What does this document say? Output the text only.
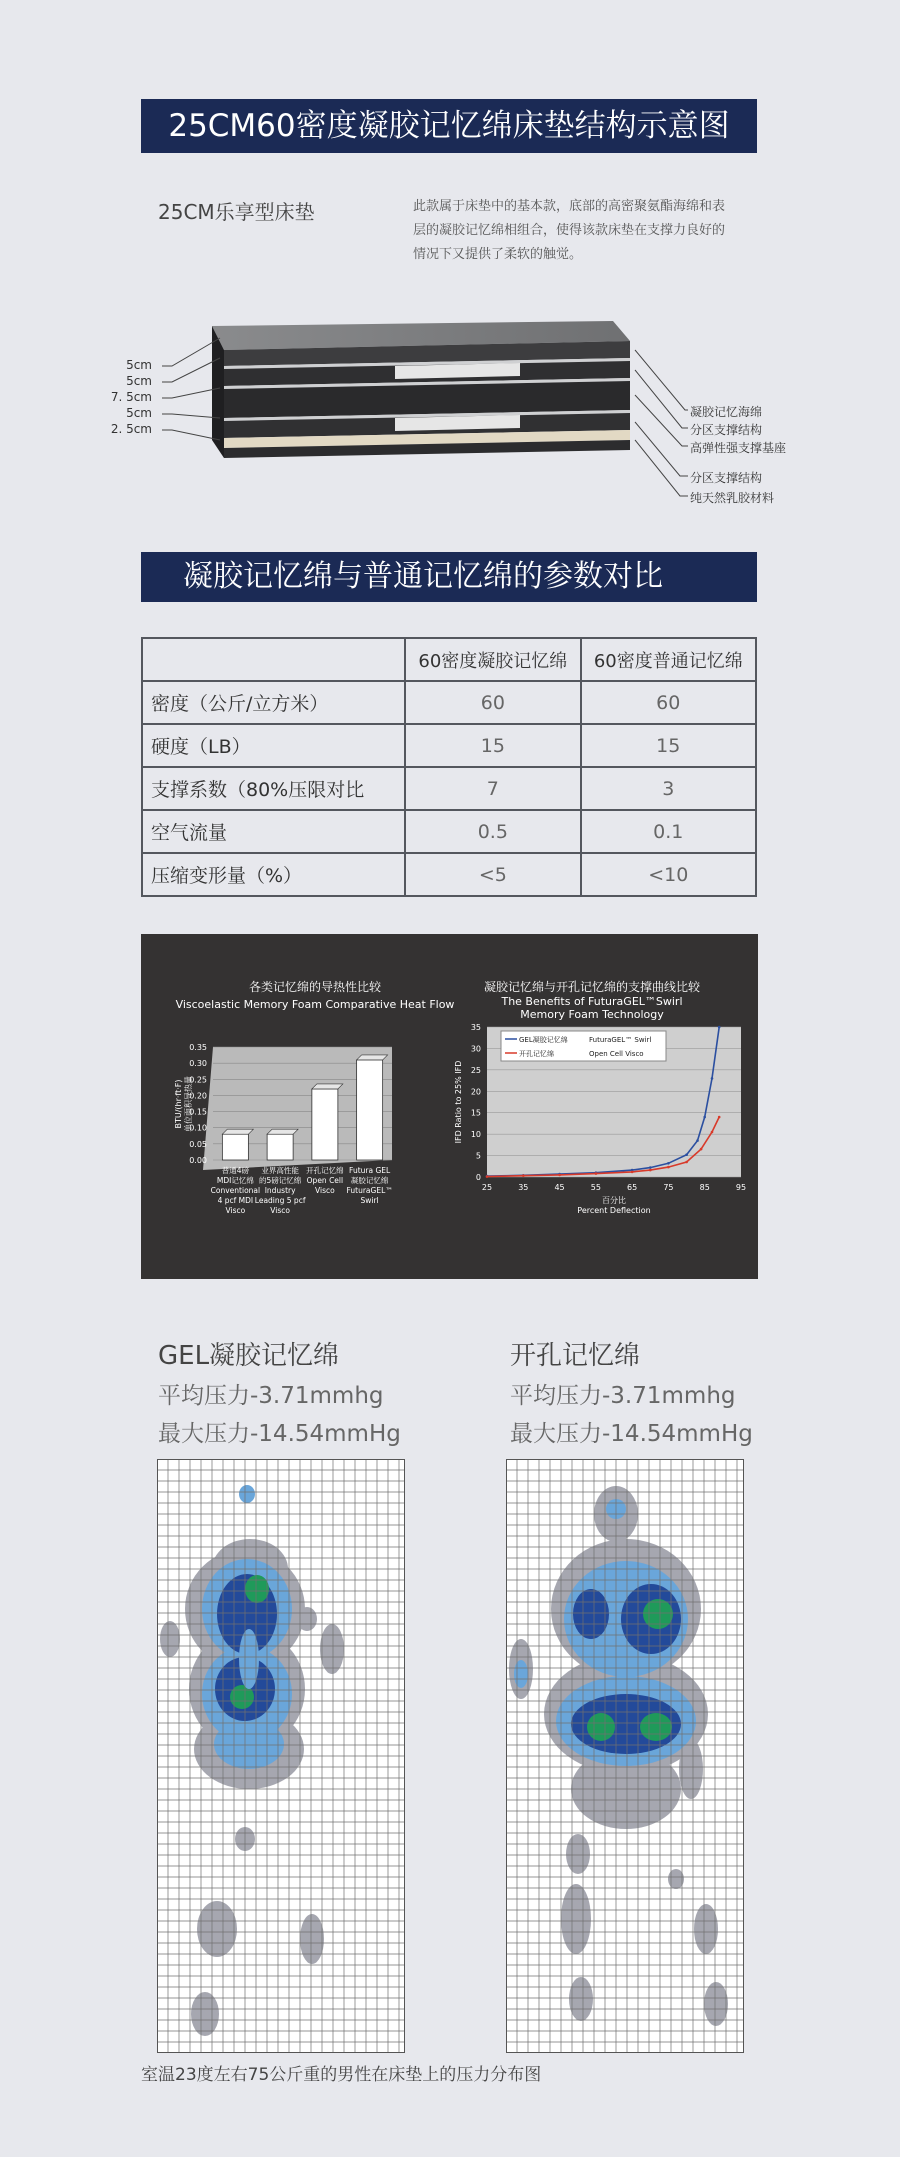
25CM60密度凝胶记忆绵床垫结构示意图
25CM乐享型床垫	此款属于床垫中的基本款，底部的高密聚氨酯海绵和表
层的凝胶记忆绵相组合，使得该款床垫在支撑力良好的
情况下又提供了柔软的触觉。
5cm
5cm
7. 5cm
5cm
2. 5cm
凝胶记忆海绵
分区支撑结构
高弹性强支撑基座
分区支撑结构
纯天然乳胶材料
凝胶记忆绵与普通记忆绵的参数对比
	60密度凝胶记忆绵	60密度普通记忆绵
密度（公斤/立方米）	60	60
硬度（LB）	15	15
支撑系数（80%压限对比	7	3
空气流量	0.5	0.1
压缩变形量（%）	<5	<10
各类记忆绵的导热性比较
Viscoelastic Memory Foam Comparative Heat Flow
0.00
0.05
0.10
0.15
0.20
0.25
0.30
0.35
普通4磅
MDI记忆绵
Conventional
4 pcf MDI
Visco
业界高性能
的5磅记忆绵
Industry
Leading 5 pcf
Visco
开孔记忆绵
Open Cell
Visco
Futura GEL
凝胶记忆绵
FuturaGEL™
Swirl
BTU/(hr·ft·F) 单位面积导热量
凝胶记忆绵与开孔记忆绵的支撑曲线比较
The Benefits of FuturaGEL™Swirl
Memory Foam Technology
0
5
10
15
20
25
30
35
25	35	45	55	65	75	85	95
IFD Ratio to 25% IFD
百分比
Percent Deflection
GEL凝胶记忆绵	FuturaGEL™ Swirl
开孔记忆绵	Open Cell Visco
GEL凝胶记忆绵
平均压力-3.71mmhg
最大压力-14.54mmHg
开孔记忆绵
平均压力-3.71mmhg
最大压力-14.54mmHg
室温23度左右75公斤重的男性在床垫上的压力分布图
